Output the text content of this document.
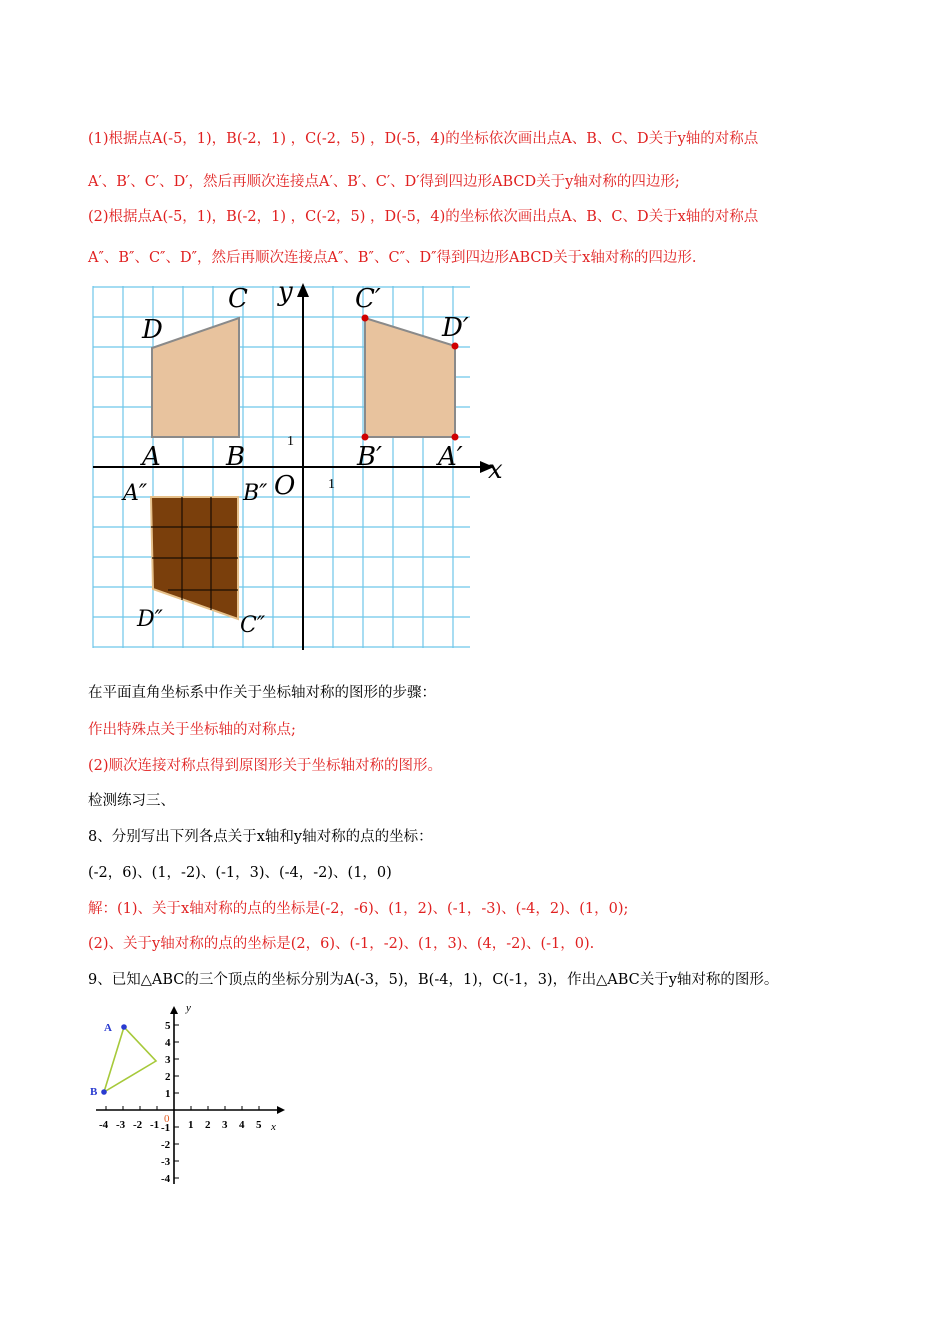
(1)根据点A(-5，1)，B(-2，1) ，C(-2，5) ，D(-5，4)的坐标依次画出点A、B、C、D关于y轴的对称点
A′、B′、C′、D′，然后再顺次连接点A′、B′、C′、D′得到四边形ABCD关于y轴对称的四边形;
(2)根据点A(-5，1)，B(-2，1) ，C(-2，5) ，D(-5，4)的坐标依次画出点A、B、C、D关于x轴的对称点
A″、B″、C″、D″，然后再顺次连接点A″、B″、C″、D″得到四边形ABCD关于x轴对称的四边形.
y
x
O 1
1
A	B
C
D
A′
B′
C′
D′
A″	B″
C″
D″
在平面直角坐标系中作关于坐标轴对称的图形的步骤：
作出特殊点关于坐标轴的对称点;
(2)顺次连接对称点得到原图形关于坐标轴对称的图形。
检测练习三、
8、分别写出下列各点关于x轴和y轴对称的点的坐标：
(-2，6)、(1，-2)、(-1，3)、(-4，-2)、(1，0)
解：(1)、关于x轴对称的点的坐标是(-2，-6)、(1，2)、(-1，-3)、(-4，2)、(1，0);
(2)、关于y轴对称的点的坐标是(2，6)、(-1，-2)、(1，3)、(4，-2)、(-1，0).
9、已知△ABC的三个顶点的坐标分别为A(-3，5)，B(-4，1)，C(-1，3)，作出△ABC关于y轴对称的图形。
y
x
0
A
B
-4 -3 -2 -1	1 2 3 4 5
5
4
3
2
1
-1
-2
-3
-4
